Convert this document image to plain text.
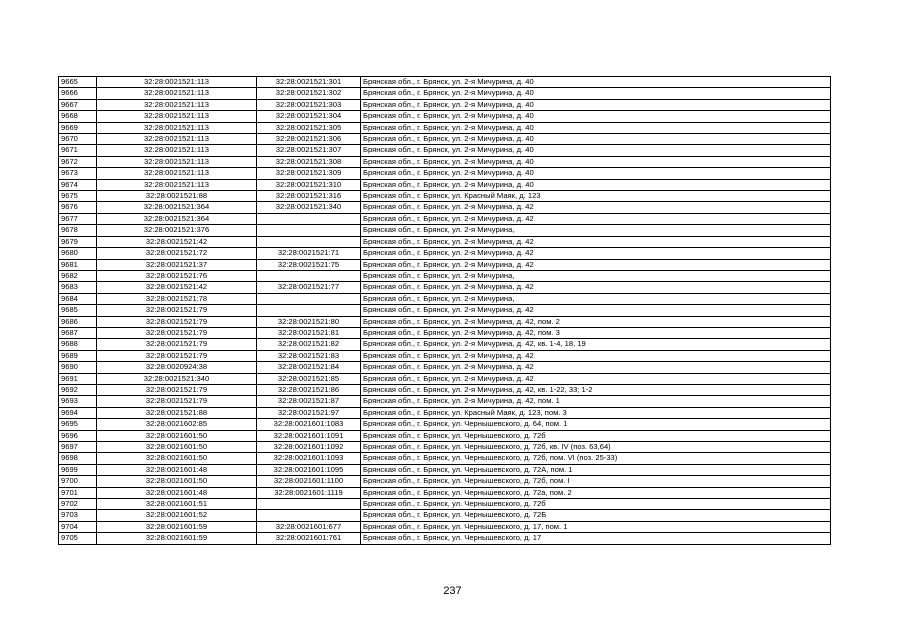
9665	32:28:0021521:113	32:28:0021521:301	Брянская обл., г. Брянск, ул. 2-я Мичурина, д. 40
9666	32:28:0021521:113	32:28:0021521:302	Брянская обл., г. Брянск, ул. 2-я Мичурина, д. 40
9667	32:28:0021521:113	32:28:0021521:303	Брянская обл., г. Брянск, ул. 2-я Мичурина, д. 40
9668	32:28:0021521:113	32:28:0021521:304	Брянская обл., г. Брянск, ул. 2-я Мичурина, д. 40
9669	32:28:0021521:113	32:28:0021521:305	Брянская обл., г. Брянск, ул. 2-я Мичурина, д. 40
9670	32:28:0021521:113	32:28:0021521:306	Брянская обл., г. Брянск, ул. 2-я Мичурина, д. 40
9671	32:28:0021521:113	32:28:0021521:307	Брянская обл., г. Брянск, ул. 2-я Мичурина, д. 40
9672	32:28:0021521:113	32:28:0021521:308	Брянская обл., г. Брянск, ул. 2-я Мичурина, д. 40
9673	32:28:0021521:113	32:28:0021521:309	Брянская обл., г. Брянск, ул. 2-я Мичурина, д. 40
9674	32:28:0021521:113	32:28:0021521:310	Брянская обл., г. Брянск, ул. 2-я Мичурина, д. 40
9675	32:28:0021521:88	32:28:0021521:316	Брянская обл., г. Брянск, ул. Красный Маяк, д. 123
9676	32:28:0021521:364	32:28:0021521:340	Брянская обл., г. Брянск, ул. 2-я Мичурина, д. 42
9677	32:28:0021521:364		Брянская обл., г. Брянск, ул. 2-я Мичурина, д. 42
9678	32:28:0021521:376		Брянская обл., г. Брянск, ул. 2-я Мичурина,
9679	32:28:0021521:42		Брянская обл., г. Брянск, ул. 2-я Мичурина, д. 42
9680	32:28:0021521:72	32:28:0021521:71	Брянская обл., г. Брянск, ул. 2-я Мичурина, д. 42
9681	32:28:0021521:37	32:28:0021521:75	Брянская обл., г. Брянск, ул. 2-я Мичурина, д. 42
9682	32:28:0021521:76		Брянская обл., г. Брянск, ул. 2-я Мичурина,
9683	32:28:0021521:42	32:28:0021521:77	Брянская обл., г. Брянск, ул. 2-я Мичурина, д. 42
9684	32:28:0021521:78		Брянская обл., г. Брянск, ул. 2-я Мичурина,
9685	32:28:0021521:79		Брянская обл., г. Брянск, ул. 2-я Мичурина, д. 42
9686	32:28:0021521:79	32:28:0021521:80	Брянская обл., г. Брянск, ул. 2-я Мичурина, д. 42, пом. 2
9687	32:28:0021521:79	32:28:0021521:81	Брянская обл., г. Брянск, ул. 2-я Мичурина, д. 42, пом. 3
9688	32:28:0021521:79	32:28:0021521:82	Брянская обл., г. Брянск, ул. 2-я Мичурина, д. 42, кв. 1-4, 18, 19
9689	32:28:0021521:79	32:28:0021521:83	Брянская обл., г. Брянск, ул. 2-я Мичурина, д. 42
9690	32:28:0020924:38	32:28:0021521:84	Брянская обл., г. Брянск, ул. 2-я Мичурина, д. 42
9691	32:28:0021521:340	32:28:0021521:85	Брянская обл., г. Брянск, ул. 2-я Мичурина, д. 42
9692	32:28:0021521:79	32:28:0021521:86	Брянская обл., г. Брянск, ул. 2-я Мичурина, д. 42, кв. 1-22, 33; 1-2
9693	32:28:0021521:79	32:28:0021521:87	Брянская обл., г. Брянск, ул. 2-я Мичурина, д. 42, пом. 1
9694	32:28:0021521:88	32:28:0021521:97	Брянская обл., г. Брянск, ул. Красный Маяк, д. 123, пом. 3
9695	32:28:0021602:85	32:28:0021601:1083	Брянская обл., г. Брянск, ул. Чернышевского, д. 64, пом. 1
9696	32:28:0021601:50	32:28:0021601:1091	Брянская обл., г. Брянск, ул. Чернышевского, д. 72б
9697	32:28:0021601:50	32:28:0021601:1092	Брянская обл., г. Брянск, ул. Чернышевского, д. 72б, кв. IV (поз. 63,64)
9698	32:28:0021601:50	32:28:0021601:1093	Брянская обл., г. Брянск, ул. Чернышевского, д. 72б, пом. VI (поз. 25-33)
9699	32:28:0021601:48	32:28:0021601:1095	Брянская обл., г. Брянск, ул. Чернышевского, д. 72А, пом. 1
9700	32:28:0021601:50	32:28:0021601:1100	Брянская обл., г. Брянск, ул. Чернышевского, д. 72б, пом. I
9701	32:28:0021601:48	32:28:0021601:1119	Брянская обл., г. Брянск, ул. Чернышевского, д. 72а, пом. 2
9702	32:28:0021601:51		Брянская обл., г. Брянск, ул. Чернышевского, д. 72б
9703	32:28:0021601:52		Брянская обл., г. Брянск, ул. Чернышевского, д. 72Б
9704	32:28:0021601:59	32:28:0021601:677	Брянская обл., г. Брянск, ул. Чернышевского, д. 17, пом. 1
9705	32:28:0021601:59	32:28:0021601:761	Брянская обл., г. Брянск, ул. Чернышевского, д. 17
237
